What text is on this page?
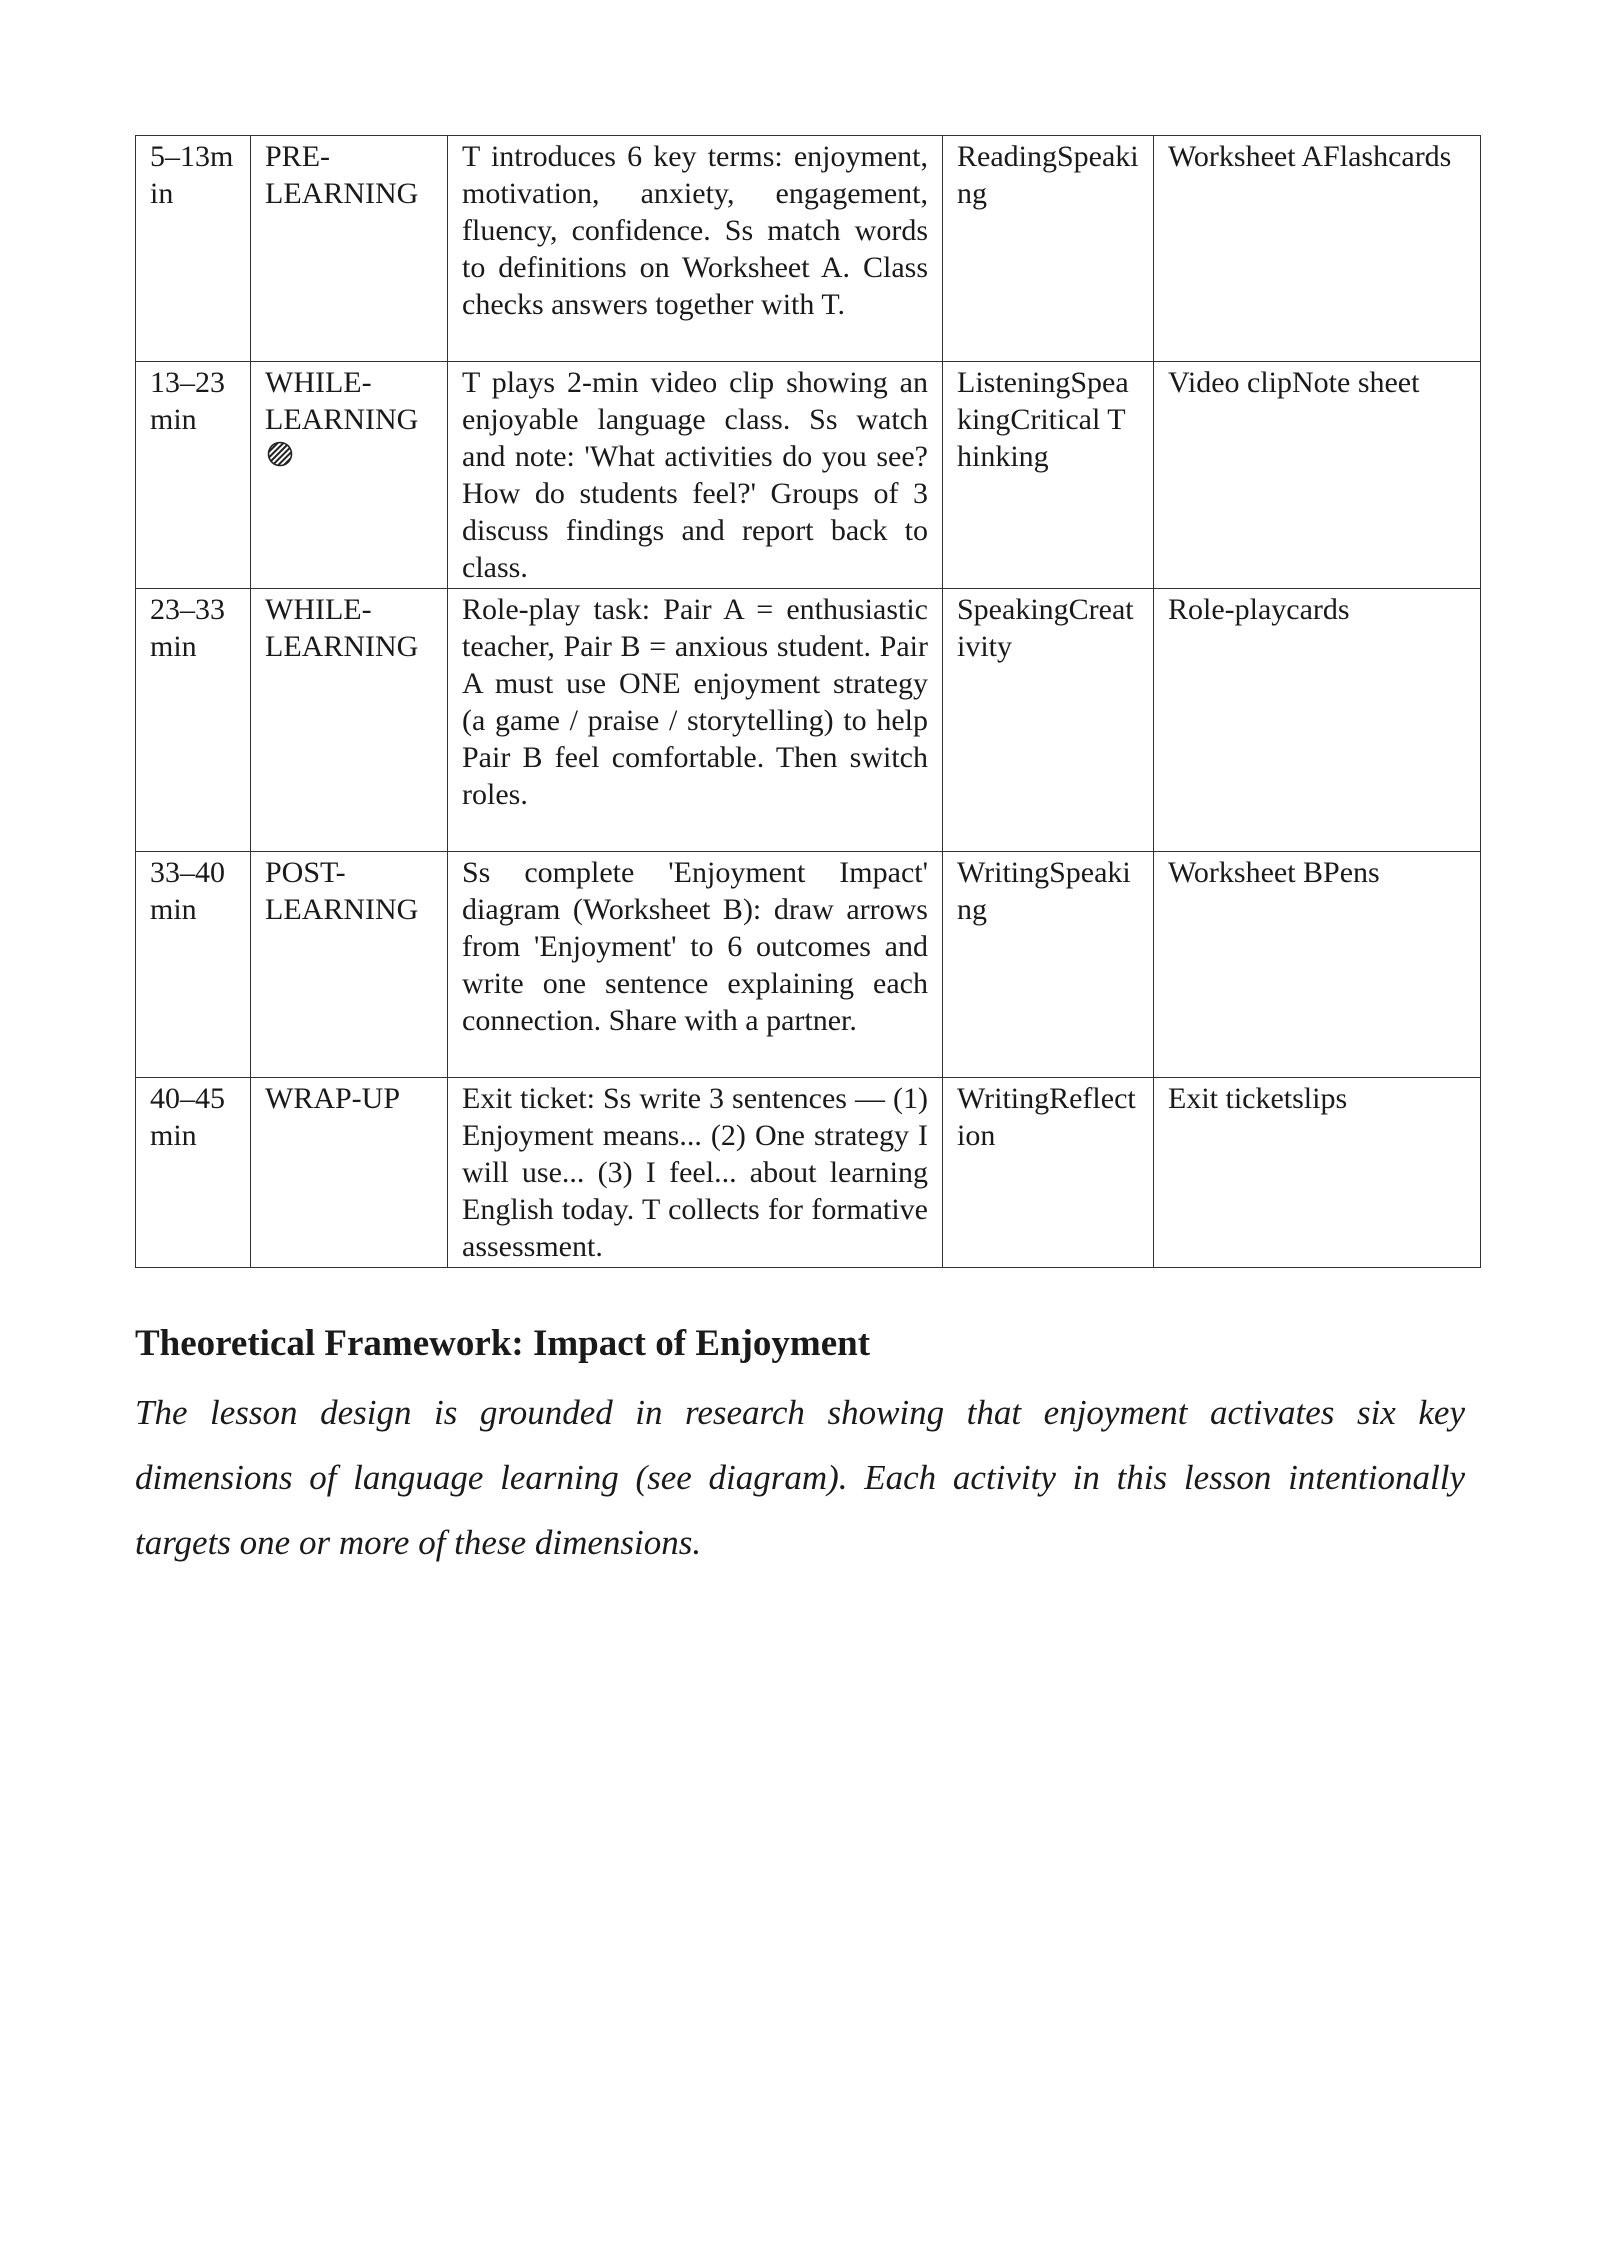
5–13min	PRE-LEARNING	T introduces 6 key terms: enjoyment, motivation, anxiety, engagement, fluency, confidence. Ss match words to definitions on Worksheet A. Class checks answers together with T.	ReadingSpeaking	Worksheet AFlashcards
13–23min	WHILE-LEARNING	T plays 2-min video clip showing an enjoyable language class. Ss watch and note: 'What activities do you see? How do students feel?' Groups of 3 discuss findings and report back to class.	ListeningSpeakingCritical Thinking	Video clipNote sheet
23–33min	WHILE-LEARNING	Role-play task: Pair A = enthusiastic teacher, Pair B = anxious student. Pair A must use ONE enjoyment strategy (a game / praise / storytelling) to help Pair B feel comfortable. Then switch roles.	SpeakingCreativity	Role-playcards
33–40min	POST-LEARNING	Ss complete 'Enjoyment Impact' diagram (Worksheet B): draw arrows from 'Enjoyment' to 6 outcomes and write one sentence explaining each connection. Share with a partner.	WritingSpeaking	Worksheet BPens
40–45min	WRAP-UP	Exit ticket: Ss write 3 sentences — (1) Enjoyment means... (2) One strategy I will use... (3) I feel... about learning English today. T collects for formative assessment.	WritingReflection	Exit ticketslips
Theoretical Framework: Impact of Enjoyment

The lesson design is grounded in research showing that enjoyment activates six key dimensions of language learning (see diagram). Each activity in this lesson intentionally targets one or more of these dimensions.
